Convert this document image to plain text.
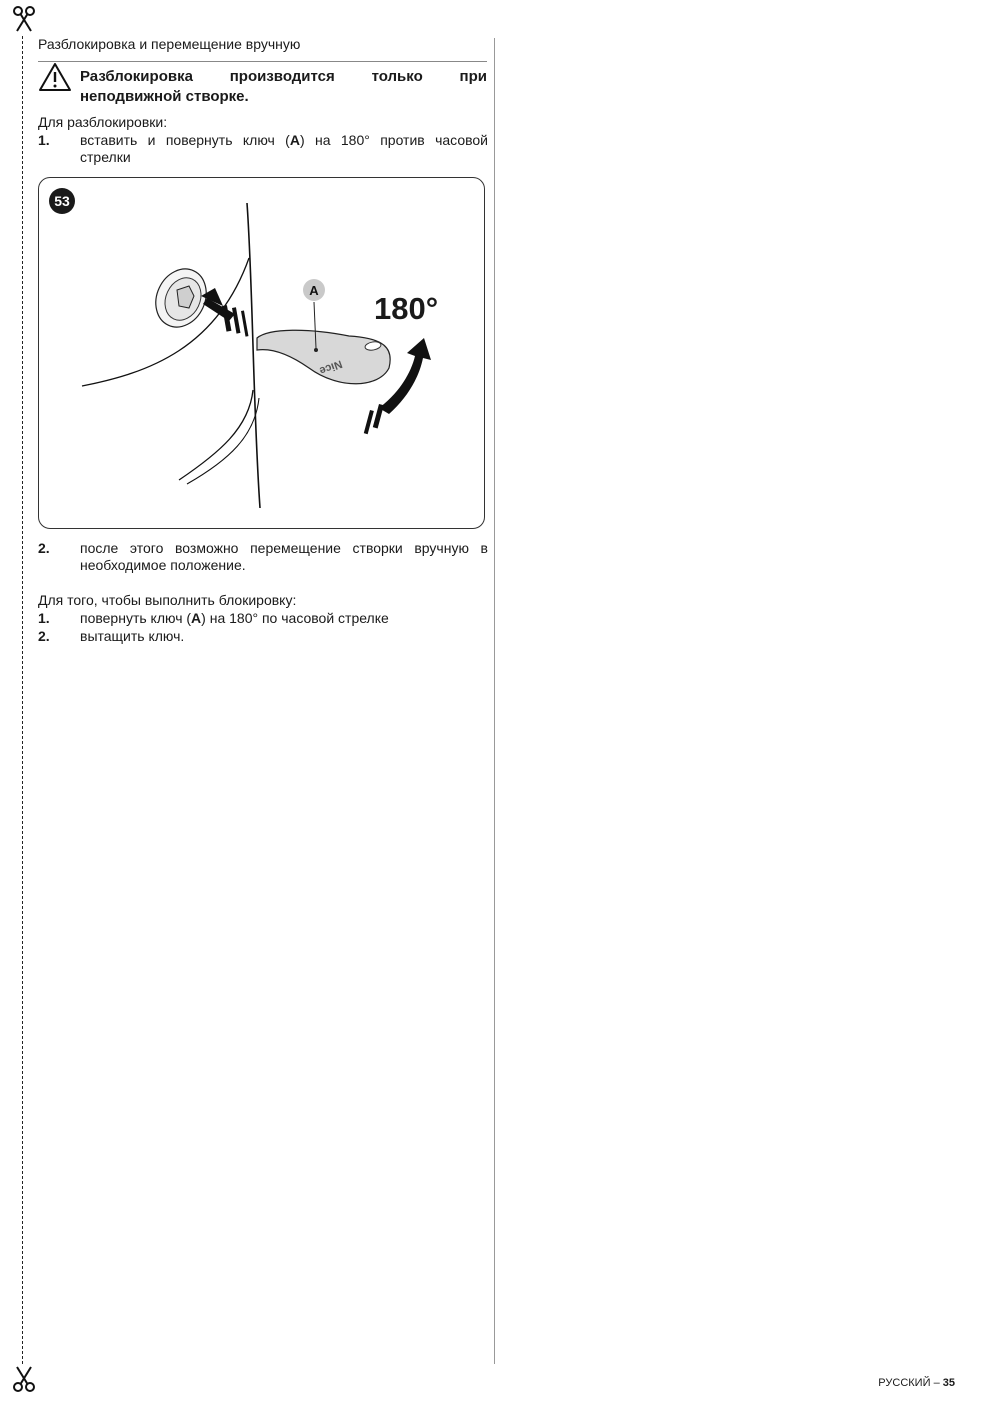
Разблокировка и перемещение вручную
Разблокировка производится только при неподвижной створке.
Для разблокировки:
1. вставить и повернуть ключ (A) на 180° против часовой стрелки
Nice
53
A
180°
2. после этого возможно перемещение створки вручную в необходимое положение.
Для того, чтобы выполнить блокировку:
1. повернуть ключ (A) на 180° по часовой стрелке
2. вытащить ключ.
РУССКИЙ – 35
